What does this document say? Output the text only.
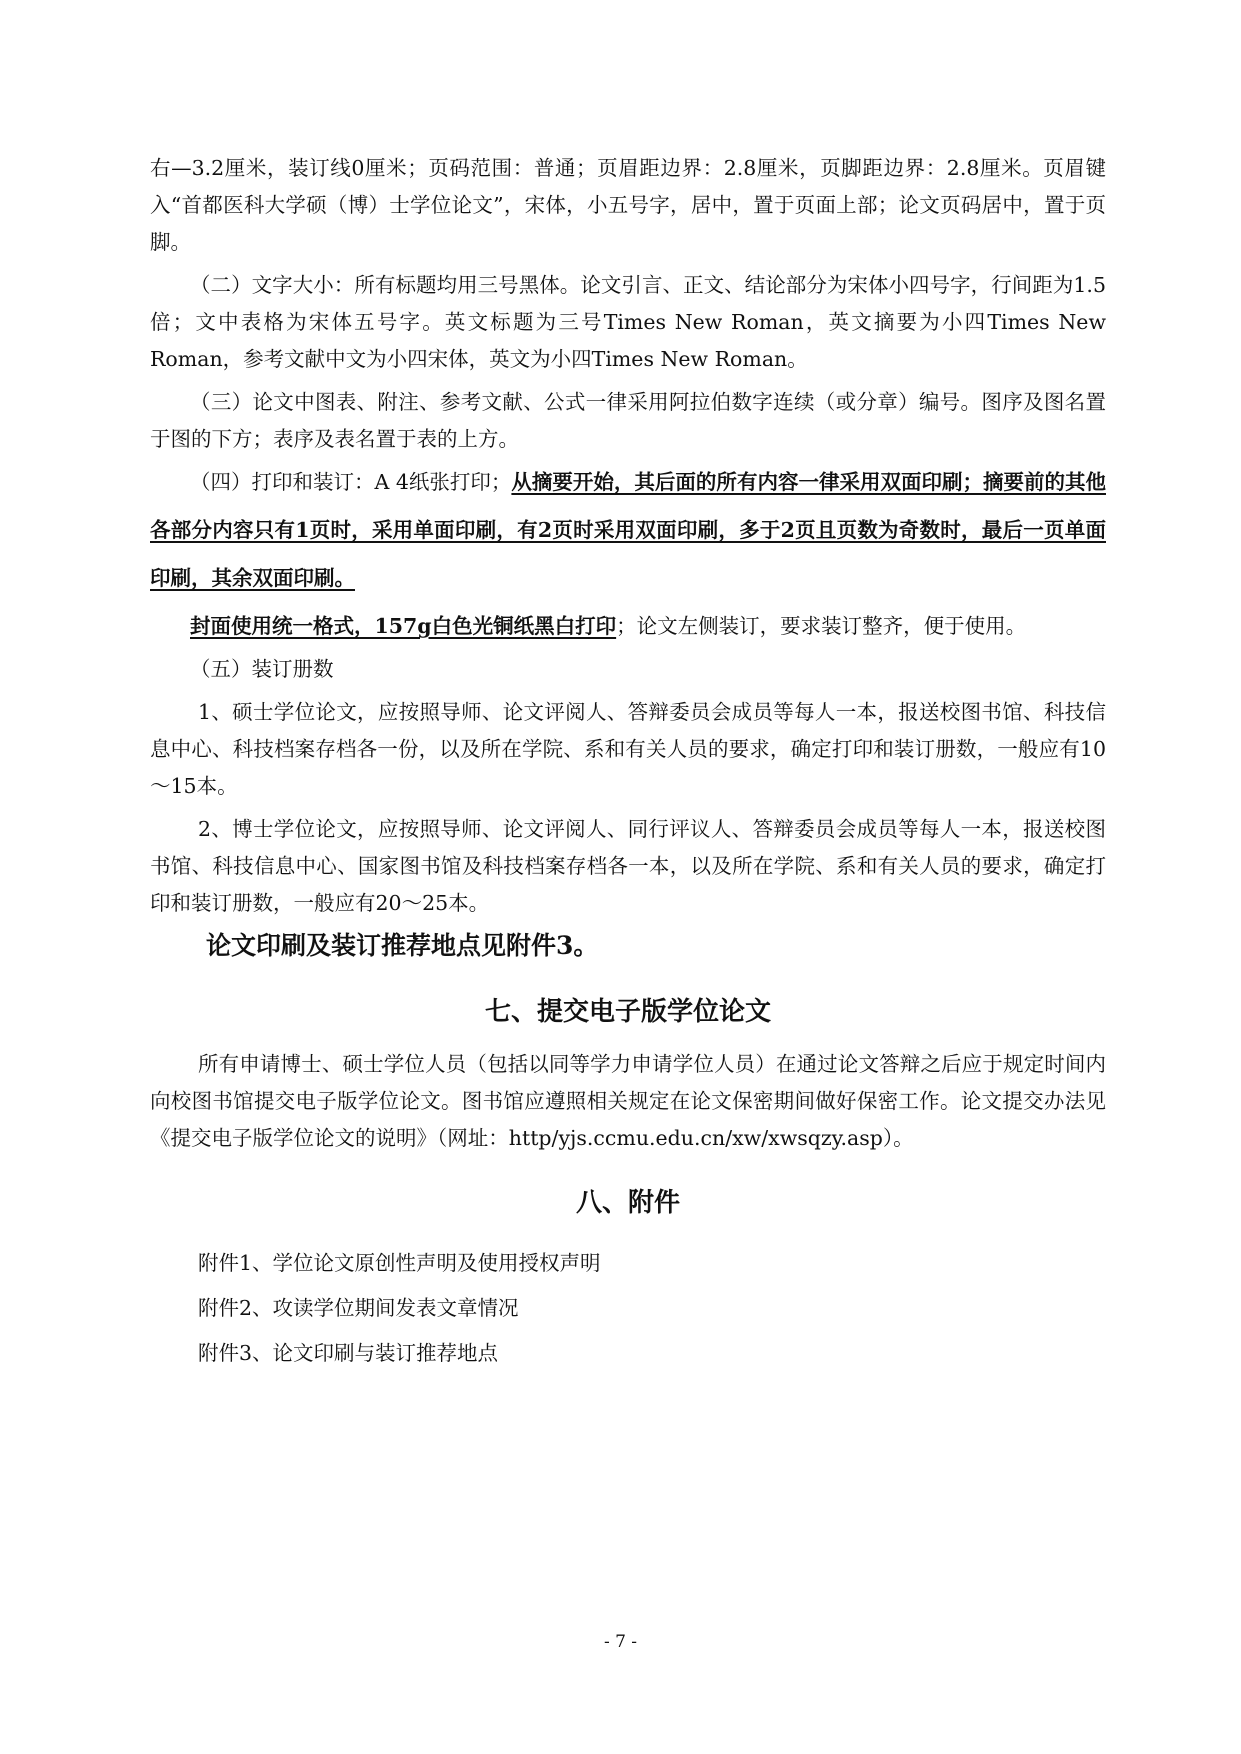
右—3.2厘米，装订线0厘米；页码范围：普通；页眉距边界：2.8厘米，页脚距边界：2.8厘米。页眉键入“首都医科大学硕（博）士学位论文”，宋体，小五号字，居中，置于页面上部；论文页码居中，置于页脚。

（二）文字大小：所有标题均用三号黑体。论文引言、正文、结论部分为宋体小四号字，行间距为1.5倍；文中表格为宋体五号字。英文标题为三号Times New Roman，英文摘要为小四Times New Roman，参考文献中文为小四宋体，英文为小四Times New Roman。

（三）论文中图表、附注、参考文献、公式一律采用阿拉伯数字连续（或分章）编号。图序及图名置于图的下方；表序及表名置于表的上方。

（四）打印和装订：A 4纸张打印；从摘要开始，其后面的所有内容一律采用双面印刷；摘要前的其他各部分内容只有1页时，采用单面印刷，有2页时采用双面印刷，多于2页且页数为奇数时，最后一页单面印刷，其余双面印刷。

封面使用统一格式，157g白色光铜纸黑白打印；论文左侧装订，要求装订整齐，便于使用。

（五）装订册数

1、硕士学位论文，应按照导师、论文评阅人、答辩委员会成员等每人一本，报送校图书馆、科技信息中心、科技档案存档各一份，以及所在学院、系和有关人员的要求，确定打印和装订册数，一般应有10～15本。

2、博士学位论文，应按照导师、论文评阅人、同行评议人、答辩委员会成员等每人一本，报送校图书馆、科技信息中心、国家图书馆及科技档案存档各一本，以及所在学院、系和有关人员的要求，确定打印和装订册数，一般应有20～25本。

论文印刷及装订推荐地点见附件3。

七、提交电子版学位论文

所有申请博士、硕士学位人员（包括以同等学力申请学位人员）在通过论文答辩之后应于规定时间内向校图书馆提交电子版学位论文。图书馆应遵照相关规定在论文保密期间做好保密工作。论文提交办法见《提交电子版学位论文的说明》（网址：http/yjs.ccmu.edu.cn/xw/xwsqzy.asp）。

八、附件

附件1、学位论文原创性声明及使用授权声明

附件2、攻读学位期间发表文章情况

附件3、论文印刷与装订推荐地点

- 7 -
